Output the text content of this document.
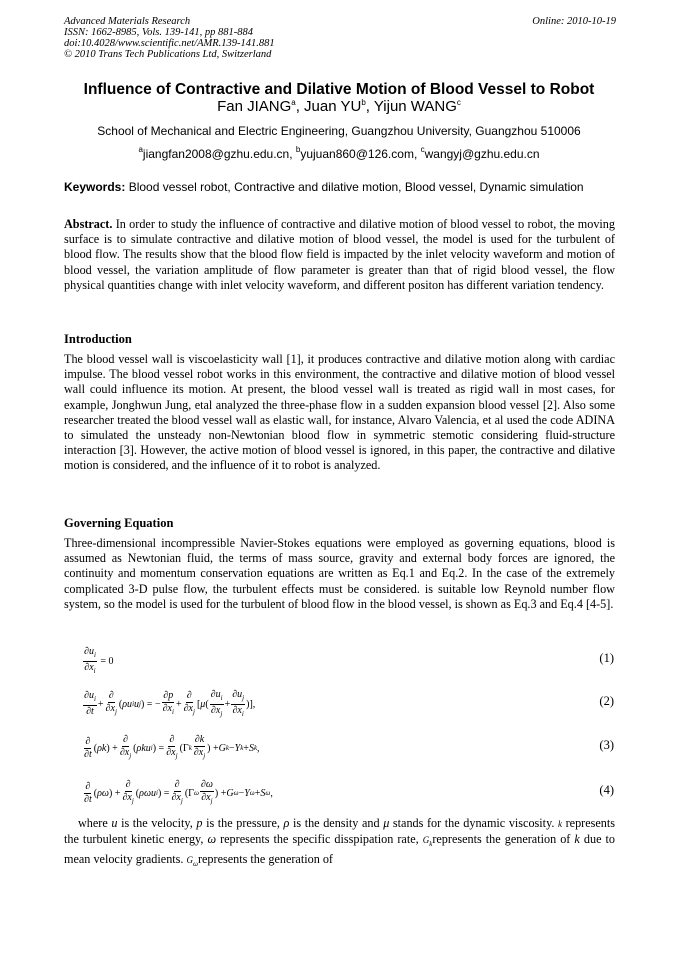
Advanced Materials Research
ISSN: 1662-8985, Vols. 139-141, pp 881-884
doi:10.4028/www.scientific.net/AMR.139-141.881
© 2010 Trans Tech Publications Ltd, Switzerland
Online: 2010-10-19
Influence of Contractive and Dilative Motion of Blood Vessel to Robot
Fan JIANG$^a$, Juan $YU^b$, Yijun WANG$^c$
School of Mechanical and Electric Engineering, Guangzhou University, Guangzhou 510006
$^a$jiangfan2008@gzhu.edu.cn, $^b$yujuan860@126.com, $^c$wangyj@gzhu.edu.cn
Keywords: Blood vessel robot, Contractive and dilative motion, Blood vessel, Dynamic simulation
Abstract. In order to study the influence of contractive and dilative motion of blood vessel to robot, the moving surface is to simulate contractive and dilative motion of blood vessel, the model is used for the turbulent of blood flow. The results show that the blood flow field is impacted by the inlet velocity waveform and motion of blood vessel, the variation amplitude of flow parameter is greater than that of rigid blood vessel, the flow physical quantities change with inlet velocity waveform, and different positon has different variation tendency.
Introduction
The blood vessel wall is viscoelasticity wall [1], it produces contractive and dilative motion along with cardiac impulse. The blood vessel robot works in this environment, the contractive and dilative motion of blood vessel wall could influence its motion. At present, the blood vessel wall is treated as rigid wall in most cases, for example, Jonghwun Jung, etal analyzed the three-phase flow in a sudden expansion blood vessel [2]. Also some researcher treated the blood vessel wall as elastic wall, for instance, Alvaro Valencia, et al used the code ADINA to simulated the unsteady non-Newtonian blood flow in symmetric stemotic considering fluid-structure interaction [3]. However, the active motion of blood vessel is ignored, in this paper, the contractive and dilative motion is considered, and the influence of it to robot is analyzed.
Governing Equation
Three-dimensional incompressible Navier-Stokes equations were employed as governing equations, blood is assumed as Newtonian fluid, the terms of mass source, gravity and external body forces are ignored, the continuity and momentum conservation equations are written as Eq.1 and Eq.2. In the case of the extremely complicated 3-D pulse flow, the turbulent effects must be considered. is suitable low Reynold number flow system, so the model is used for the turbulent of blood flow in the blood vessel, is shown as Eq.3 and Eq.4 [4-5].
$\frac{\partial u_i}{\partial x_i} = 0$	(1)
$\frac{\partial u_i}{\partial t} + \frac{\partial}{\partial x_j}$ ( ρu i u j ) = − $\frac{\partial p}{\partial x_i} + \frac{\partial}{\partial x_j}$ [ μ ( $\frac{\partial u_i}{\partial x_j} + \frac{\partial u_j}{\partial x_i}$ )],	(2)
$\frac{\partial}{\partial t}$ ( ρk ) + $\frac{\partial}{\partial x_j}$ ( ρku i ) = $\frac{\partial}{\partial x_j} (\Gamma$ k $\frac{\partial k}{\partial x_j}$ ) + G k − Y k + S k ,	(3)
$\frac{\partial}{\partial t}$ ( ρω ) + $\frac{\partial}{\partial x_j}$ ( ρωu i ) = $\frac{\partial}{\partial x_j} (\Gamma$ ω $\frac{\partial\omega}{\partial x_j}$ ) + G ω − Y ω + S ω ,	(4)
where u is the velocity, p is the pressure, ρ is the density and μ stands for the dynamic viscosity. k represents the turbulent kinetic energy, ω represents the specific disspipation rate, $G_krepresents$ the generation of k due to mean velocity gradients. $G_\omega represents$ the generation of
